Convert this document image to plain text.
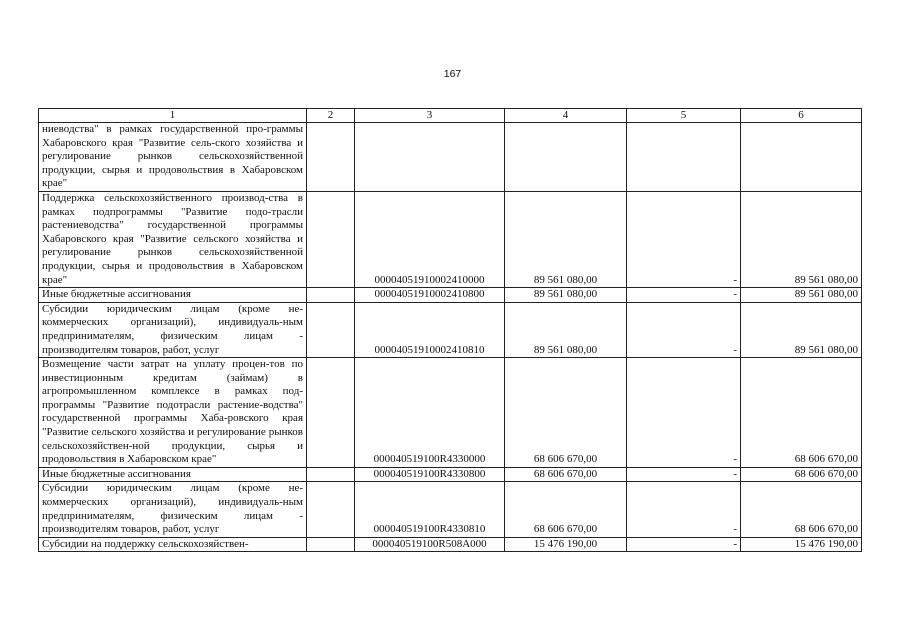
167
1	2	3	4	5	6
ниеводства" в рамках государственной про-граммы Хабаровского края "Развитие сель-ского хозяйства и регулирование рынков сельскохозяйственной продукции, сырья и продовольствия в Хабаровском крае"					
Поддержка сельскохозяйственного производ-ства в рамках подпрограммы "Развитие подо-трасли растениеводства" государственной программы Хабаровского края "Развитие сельского хозяйства и регулирование рынков сельскохозяйственной продукции, сырья и продовольствия в Хабаровском крае"		00004051910002410000	89 561 080,00	-	89 561 080,00
Иные бюджетные ассигнования		00004051910002410800	89 561 080,00	-	89 561 080,00
Субсидии юридическим лицам (кроме не-коммерческих организаций), индивидуаль-ным предпринимателям, физическим лицам - производителям товаров, работ, услуг		00004051910002410810	89 561 080,00	-	89 561 080,00
Возмещение части затрат на уплату процен-тов по инвестиционным кредитам (займам) в агропромышленном комплексе в рамках под-программы "Развитие подотрасли растение-водства" государственной программы Хаба-ровского края "Развитие сельского хозяйства и регулирование рынков сельскохозяйствен-ной продукции, сырья и продовольствия в Хабаровском крае"		000040519100R4330000	68 606 670,00	-	68 606 670,00
Иные бюджетные ассигнования		000040519100R4330800	68 606 670,00	-	68 606 670,00
Субсидии юридическим лицам (кроме не-коммерческих организаций), индивидуаль-ным предпринимателям, физическим лицам - производителям товаров, работ, услуг		000040519100R4330810	68 606 670,00	-	68 606 670,00
Субсидии на поддержку сельскохозяйствен-		000040519100R508A000	15 476 190,00	-	15 476 190,00
